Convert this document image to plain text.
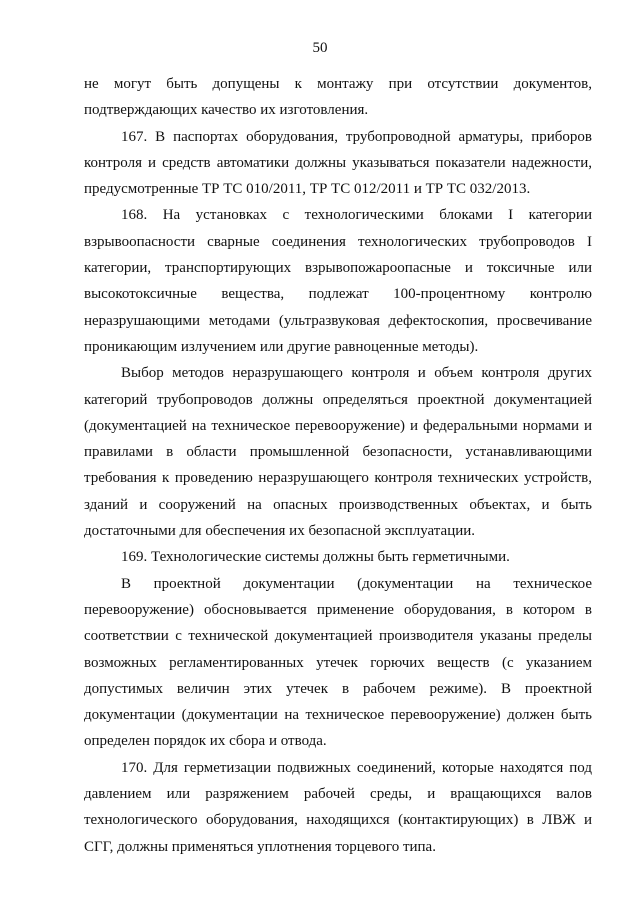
50

не могут быть допущены к монтажу при отсутствии документов, подтверждающих качество их изготовления.

167. В паспортах оборудования, трубопроводной арматуры, приборов контроля и средств автоматики должны указываться показатели надежности, предусмотренные ТР ТС 010/2011, ТР ТС 012/2011 и ТР ТС 032/2013.

168. На установках с технологическими блоками I категории взрывоопасности сварные соединения технологических трубопроводов I категории, транспортирующих взрывопожароопасные и токсичные или высокотоксичные вещества, подлежат 100-процентному контролю неразрушающими методами (ультразвуковая дефектоскопия, просвечивание проникающим излучением или другие равноценные методы).

Выбор методов неразрушающего контроля и объем контроля других категорий трубопроводов должны определяться проектной документацией (документацией на техническое перевооружение) и федеральными нормами и правилами в области промышленной безопасности, устанавливающими требования к проведению неразрушающего контроля технических устройств, зданий и сооружений на опасных производственных объектах, и быть достаточными для обеспечения их безопасной эксплуатации.

169. Технологические системы должны быть герметичными.

В проектной документации (документации на техническое перевооружение) обосновывается применение оборудования, в котором в соответствии с технической документацией производителя указаны пределы возможных регламентированных утечек горючих веществ (с указанием допустимых величин этих утечек в рабочем режиме). В проектной документации (документации на техническое перевооружение) должен быть определен порядок их сбора и отвода.

170. Для герметизации подвижных соединений, которые находятся под давлением или разряжением рабочей среды, и вращающихся валов технологического оборудования, находящихся (контактирующих) в ЛВЖ и СГГ, должны применяться уплотнения торцевого типа.
